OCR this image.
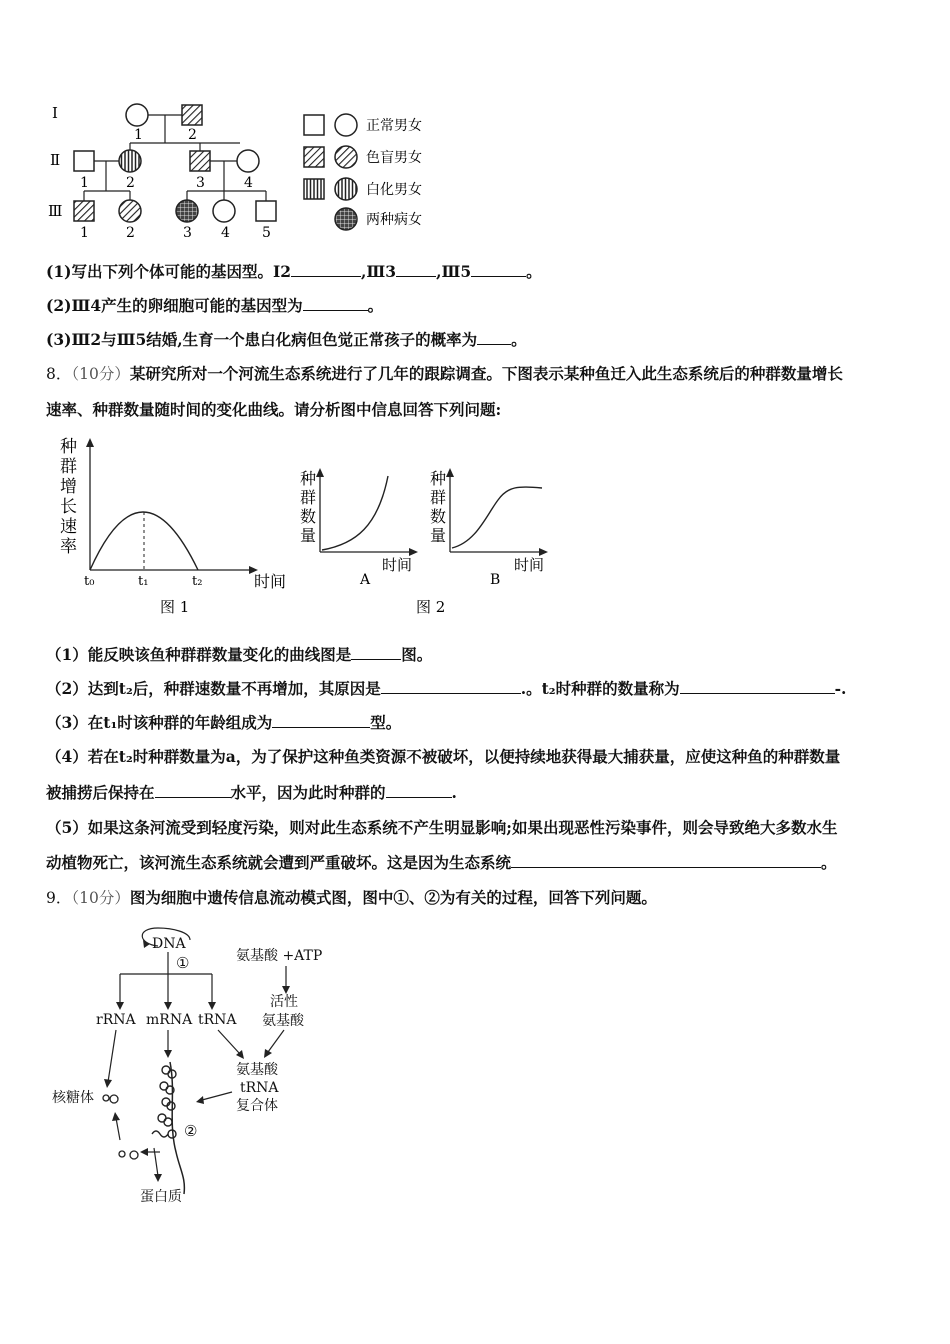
Ⅰ
Ⅱ
Ⅲ
1	2
1	2	3	4
1	2	3 4 5
正常男女
色盲男女
白化男女
两种病女
(1)写出下列个体可能的基因型。Ⅰ2	,Ⅲ3	,Ⅲ5	。
(2)Ⅲ4产生的卵细胞可能的基因型为	。
(3)Ⅲ2与Ⅲ5结婚,生育一个患白化病但色觉正常孩子的概率为 。
8．（10分）某研究所对一个河流生态系统进行了几年的跟踪调查。下图表示某种鱼迁入此生态系统后的种群数量增长
速率、种群数量随时间的变化曲线。请分析图中信息回答下列问题:
种
群
增
长
速
率
t₀	t₁	t₂	时间
图 1
种
群
数
量
时间
A
种
群
数
量
时间
B
图 2
（1）能反映该鱼种群群数量变化的曲线图是	图。
（2）达到t₂后，种群速数量不再增加，其原因是	.。t₂时种群的数量称为	-.
（3）在t₁时该种群的年龄组成为	型。
（4）若在t₂时种群数量为a，为了保护这种鱼类资源不被破坏，以便持续地获得最大捕获量，应使这种鱼的种群数量
被捕捞后保持在	水平，因为此时种群的	.
（5）如果这条河流受到轻度污染，则对此生态系统不产生明显影响;如果出现恶性污染事件，则会导致绝大多数水生
动植物死亡，该河流生态系统就会遭到严重破坏。这是因为生态系统	。
9．（10分）图为细胞中遗传信息流动模式图，图中①、②为有关的过程，回答下列问题。
DNA
①
rRNA mRNA tRNA
氨基酸 +ATP
活性
氨基酸
氨基酸
tRNA
复合体
②
核糖体
蛋白质
